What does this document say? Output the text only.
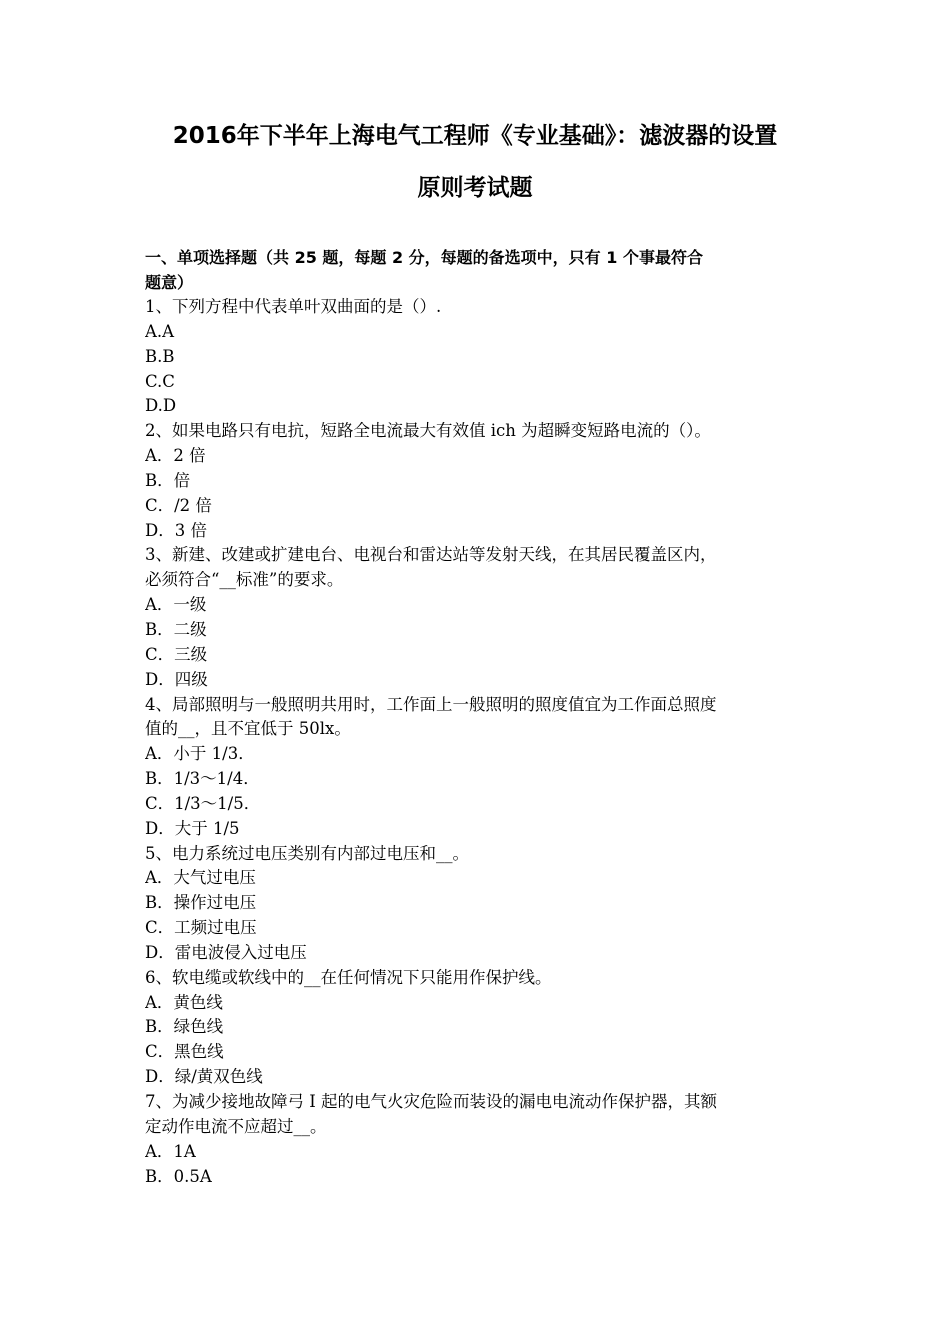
2016年下半年上海电气工程师《专业基础》：滤波器的设置
原则考试题
一、单项选择题（共 25 题，每题 2 分，每题的备选项中，只有 1 个事最符合
题意）
1、下列方程中代表单叶双曲面的是（）.
A.A
B.B
C.C
D.D
2、如果电路只有电抗，短路全电流最大有效值 ich 为超瞬变短路电流的（）。
A．2 倍
B．倍
C．/2 倍
D．3 倍
3、新建、改建或扩建电台、电视台和雷达站等发射天线，在其居民覆盖区内，
必须符合“__标准”的要求。
A．一级
B．二级
C．三级
D．四级
4、局部照明与一般照明共用时，工作面上一般照明的照度值宜为工作面总照度
值的__，且不宜低于 50lx。
A．小于 1/3．
B．1/3～1/4．
C．1/3～1/5．
D．大于 1/5
5、电力系统过电压类别有内部过电压和__。
A．大气过电压
B．操作过电压
C．工频过电压
D．雷电波侵入过电压
6、软电缆或软线中的__在任何情况下只能用作保护线。
A．黄色线
B．绿色线
C．黑色线
D．绿/黄双色线
7、为减少接地故障弓 I 起的电气火灾危险而装设的漏电电流动作保护器，其额
定动作电流不应超过__。
A．1A
B．0.5A
